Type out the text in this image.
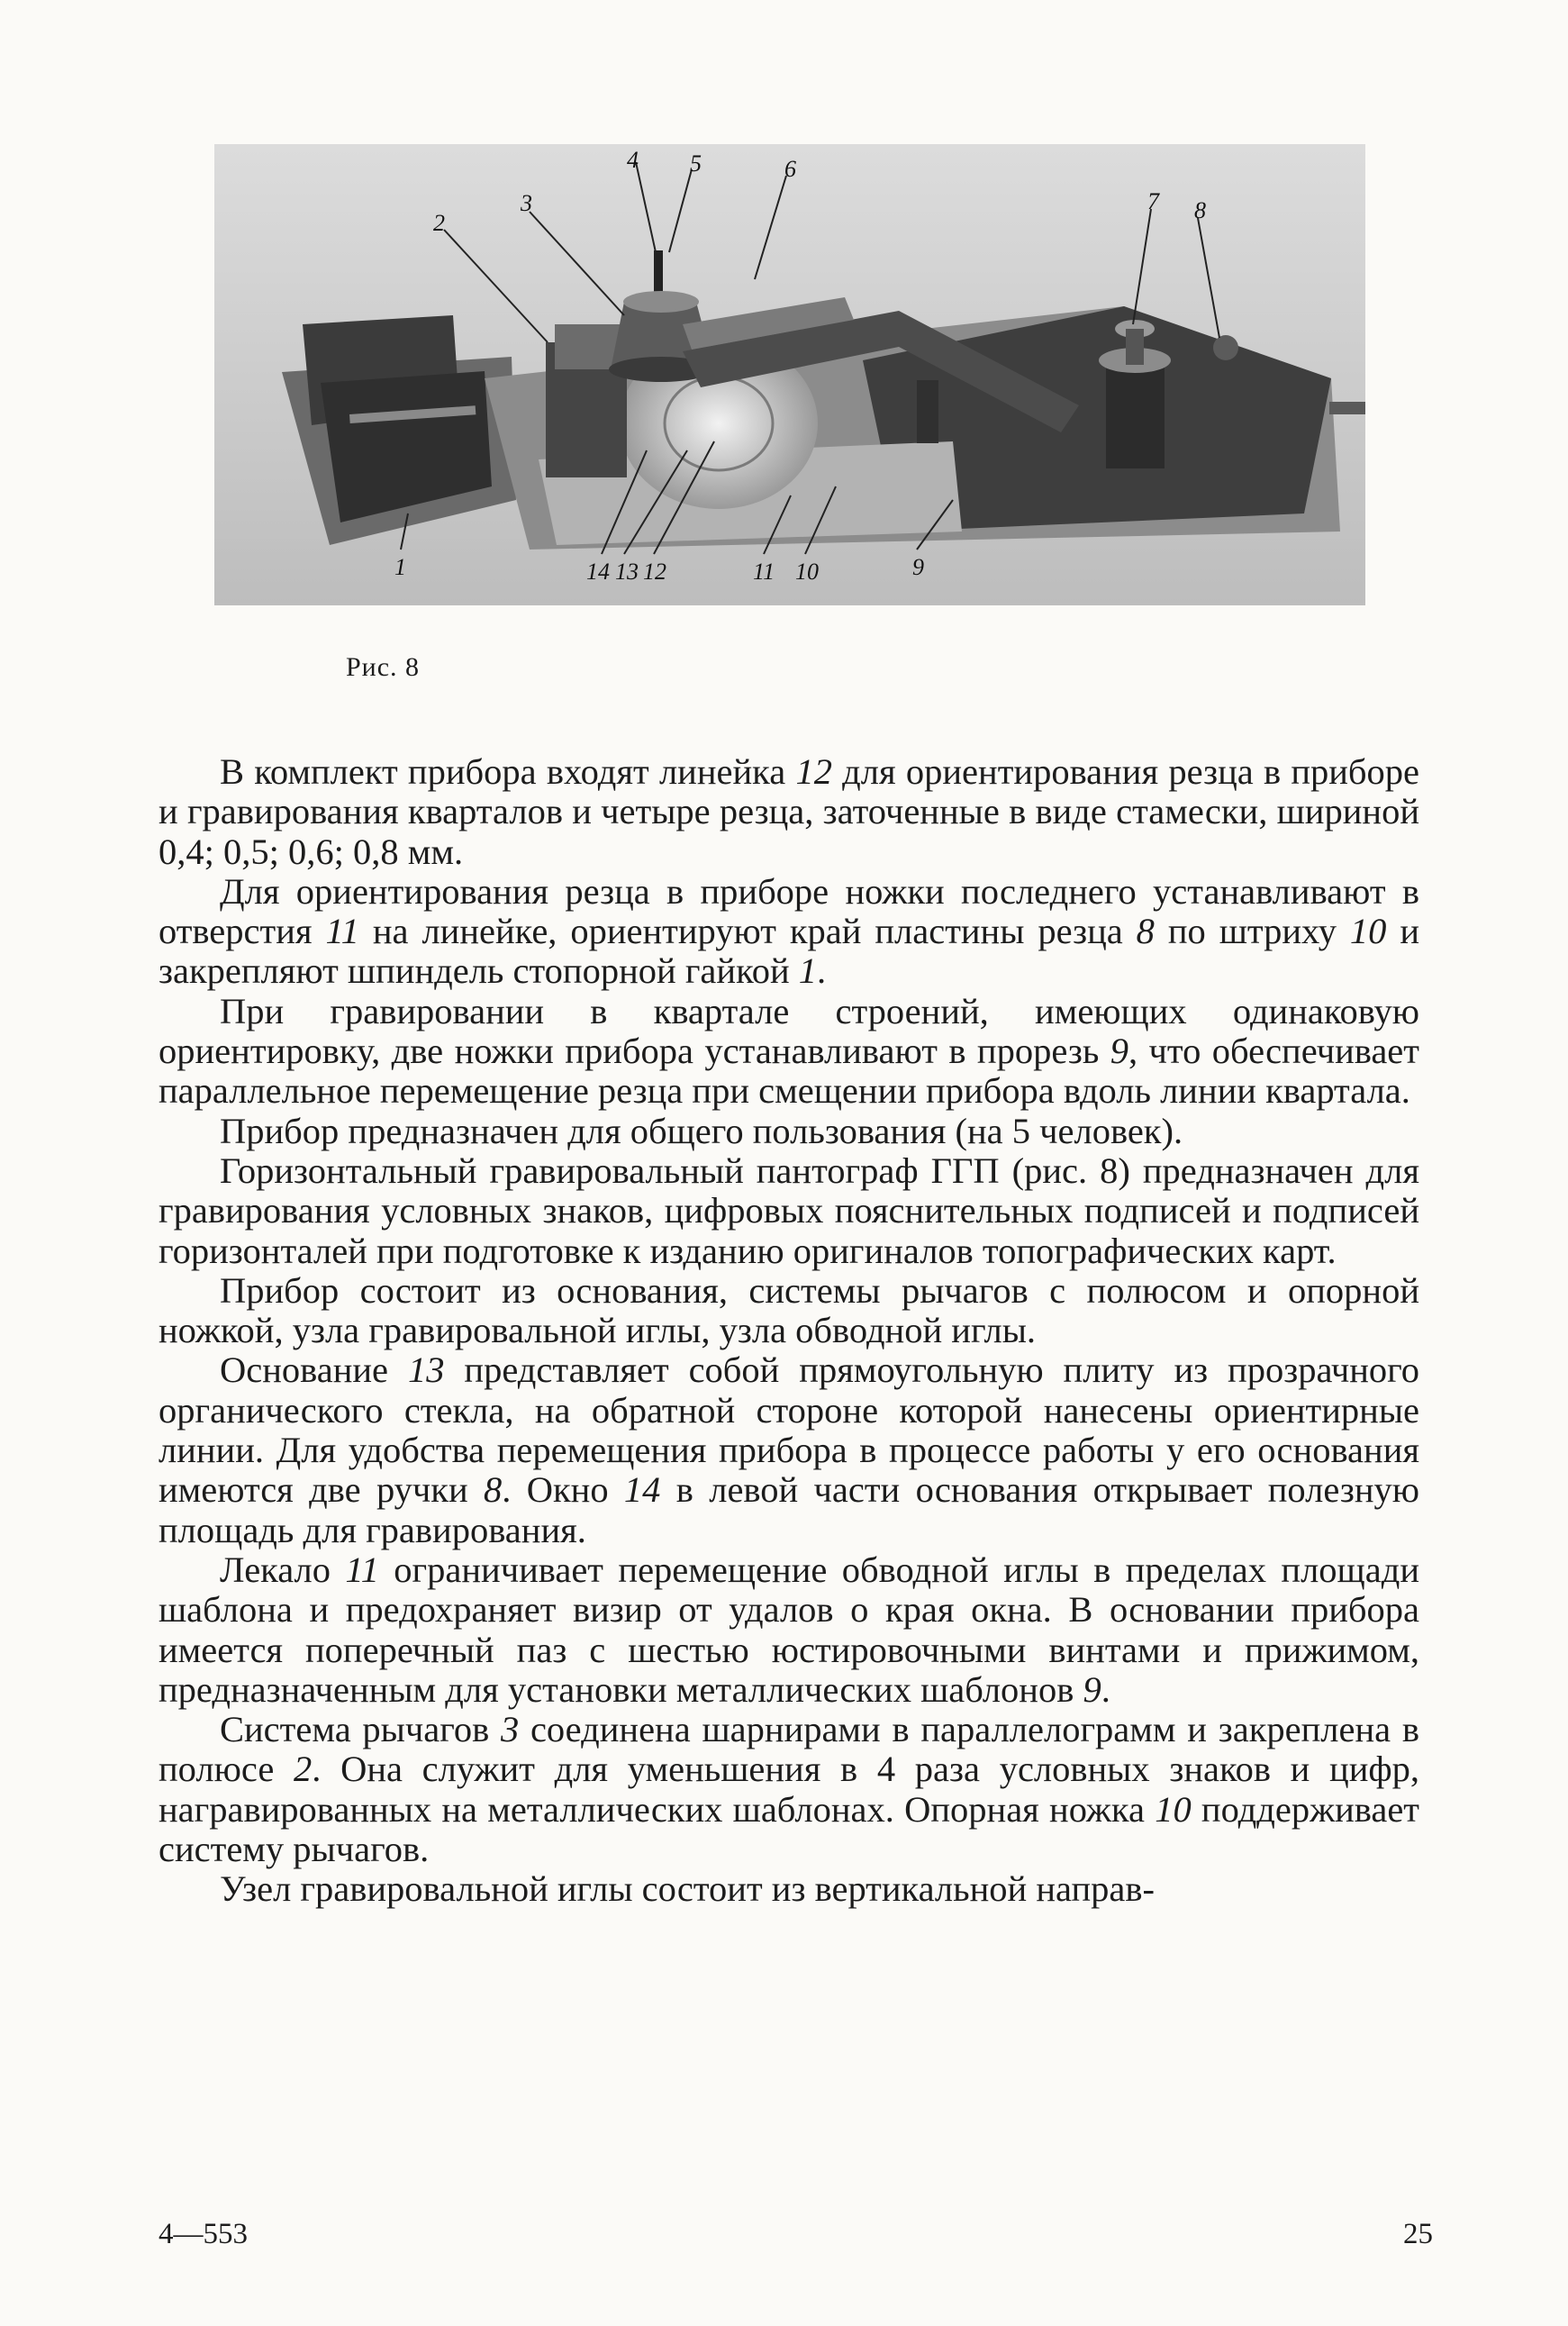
4 5	6
3
2
7 8
1	14 13 12	11 10	9
Рис. 8

В комплект прибора входят линейка 12 для ориентирования резца в приборе и гравирования кварталов и четыре резца, заточенные в виде стамески, шириной 0,4; 0,5; 0,6; 0,8 мм.

Для ориентирования резца в приборе ножки последнего устанавливают в отверстия 11 на линейке, ориентируют край пластины резца 8 по штриху 10 и закрепляют шпиндель стопорной гайкой 1.

При гравировании в квартале строений, имеющих одинаковую ориентировку, две ножки прибора устанавливают в прорезь 9, что обеспечивает параллельное перемещение резца при смещении прибора вдоль линии квартала.

Прибор предназначен для общего пользования (на 5 человек).

Горизонтальный гравировальный пантограф ГГП (рис. 8) предназначен для гравирования условных знаков, цифровых пояснительных подписей и подписей горизонталей при подготовке к изданию оригиналов топографических карт.

Прибор состоит из основания, системы рычагов с полюсом и опорной ножкой, узла гравировальной иглы, узла обводной иглы.

Основание 13 представляет собой прямоугольную плиту из прозрачного органического стекла, на обратной стороне которой нанесены ориентирные линии. Для удобства перемещения прибора в процессе работы у его основания имеются две ручки 8. Окно 14 в левой части основания открывает полезную площадь для гравирования.

Лекало 11 ограничивает перемещение обводной иглы в пределах площади шаблона и предохраняет визир от удалов о края окна. В основании прибора имеется поперечный паз с шестью юстировочными винтами и прижимом, предназначенным для установки металлических шаблонов 9.

Система рычагов 3 соединена шарнирами в параллелограмм и закреплена в полюсе 2. Она служит для уменьшения в 4 раза условных знаков и цифр, награвированных на металлических шаблонах. Опорная ножка 10 поддерживает систему рычагов.

Узел гравировальной иглы состоит из вертикальной направ-

4—553	25
